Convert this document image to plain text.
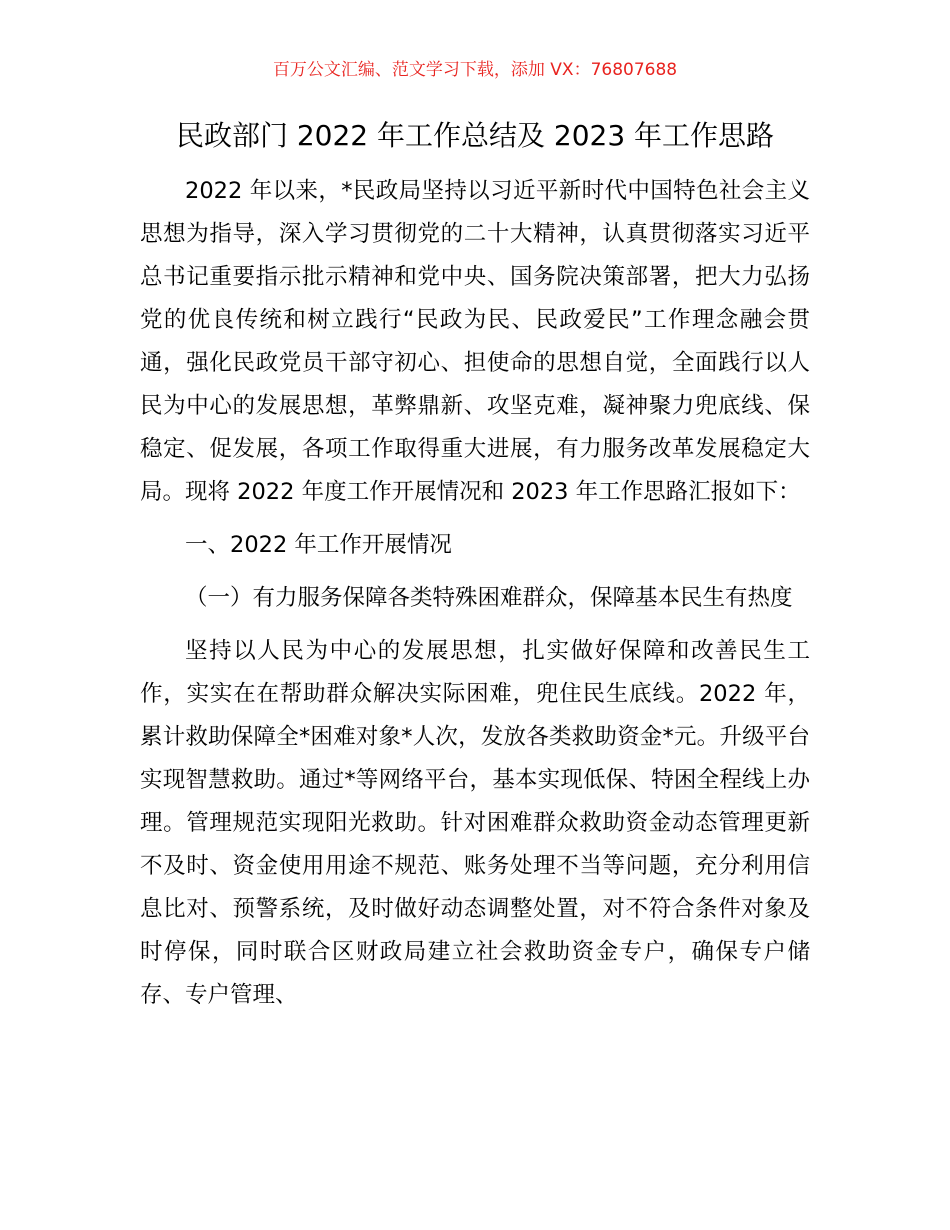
百万公文汇编、范文学习下载，添加 VX：76807688
民政部门 2022 年工作总结及 2023 年工作思路

2022 年以来，*民政局坚持以习近平新时代中国特色社会主义思想为指导，深入学习贯彻党的二十大精神，认真贯彻落实习近平总书记重要指示批示精神和党中央、国务院决策部署，把大力弘扬党的优良传统和树立践行“民政为民、民政爱民”工作理念融会贯通，强化民政党员干部守初心、担使命的思想自觉，全面践行以人民为中心的发展思想，革弊鼎新、攻坚克难，凝神聚力兜底线、保稳定、促发展，各项工作取得重大进展，有力服务改革发展稳定大局。现将 2022 年度工作开展情况和 2023 年工作思路汇报如下：

一、2022 年工作开展情况

（一）有力服务保障各类特殊困难群众，保障基本民生有热度

坚持以人民为中心的发展思想，扎实做好保障和改善民生工作，实实在在帮助群众解决实际困难，兜住民生底线。2022 年，累计救助保障全*困难对象*人次，发放各类救助资金*元。升级平台实现智慧救助。通过*等网络平台，基本实现低保、特困全程线上办理。管理规范实现阳光救助。针对困难群众救助资金动态管理更新不及时、资金使用用途不规范、账务处理不当等问题，充分利用信息比对、预警系统，及时做好动态调整处置，对不符合条件对象及时停保，同时联合区财政局建立社会救助资金专户，确保专户储存、专户管理、
